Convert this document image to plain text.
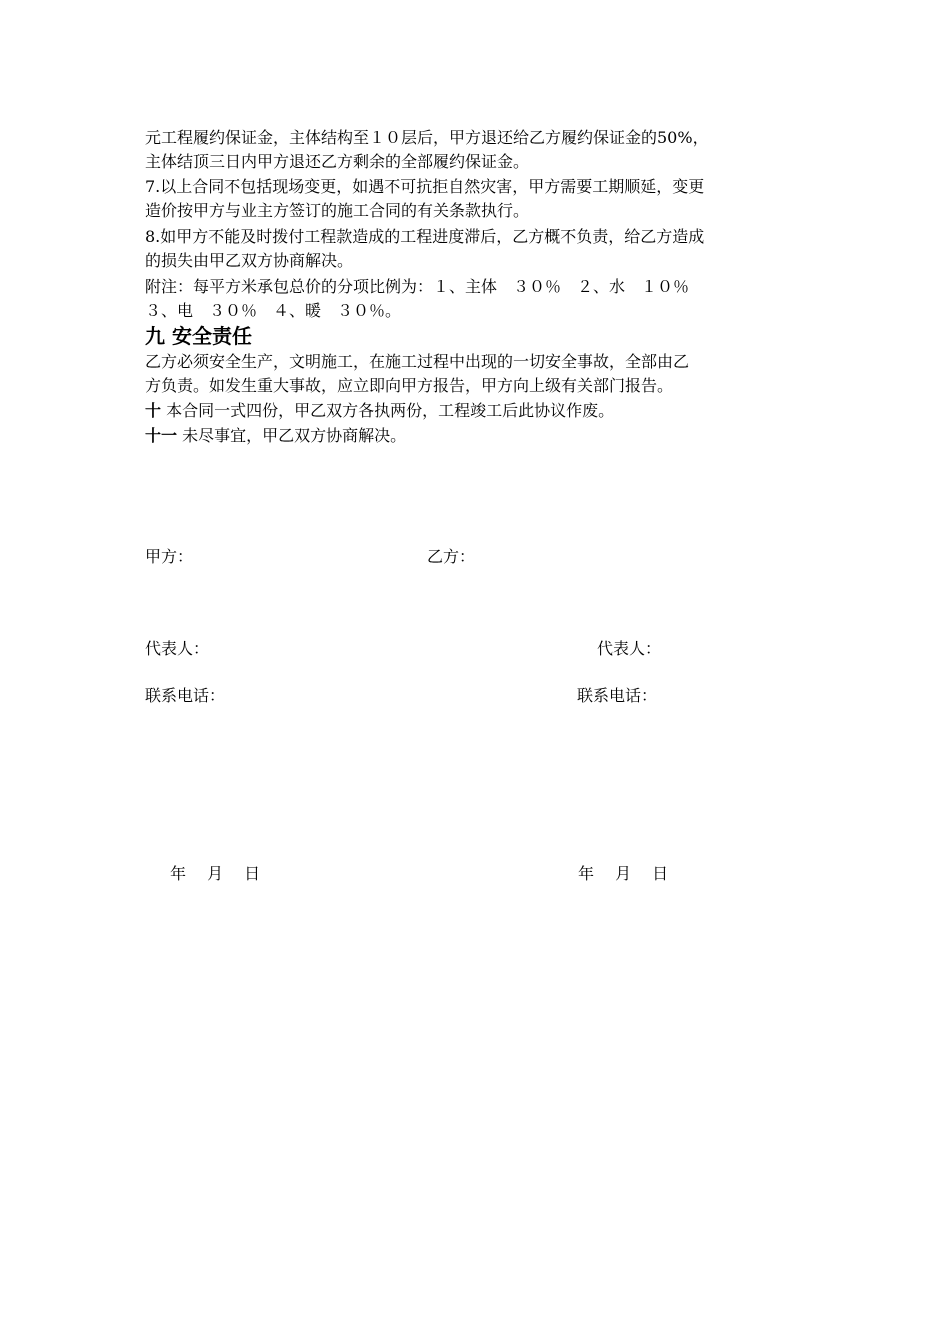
元工程履约保证金，主体结构至１０层后，甲方退还给乙方履约保证金的50%，
主体结顶三日内甲方退还乙方剩余的全部履约保证金。
7.以上合同不包括现场变更，如遇不可抗拒自然灾害，甲方需要工期顺延，变更
造价按甲方与业主方签订的施工合同的有关条款执行。
8.如甲方不能及时拨付工程款造成的工程进度滞后，乙方概不负责，给乙方造成
的损失由甲乙双方协商解决。
附注：每平方米承包总价的分项比例为：１、主体　３０％　２、水　１０％
３、电　３０％　４、暖　３０％。
九 安全责任
乙方必须安全生产，文明施工，在施工过程中出现的一切安全事故，全部由乙
方负责。如发生重大事故，应立即向甲方报告，甲方向上级有关部门报告。
十 本合同一式四份，甲乙双方各执两份，工程竣工后此协议作废。
十一 未尽事宜，甲乙双方协商解决。
甲方：	乙方：
代表人：	代表人：
联系电话：	联系电话：
年　 月　 日	年　 月　 日
